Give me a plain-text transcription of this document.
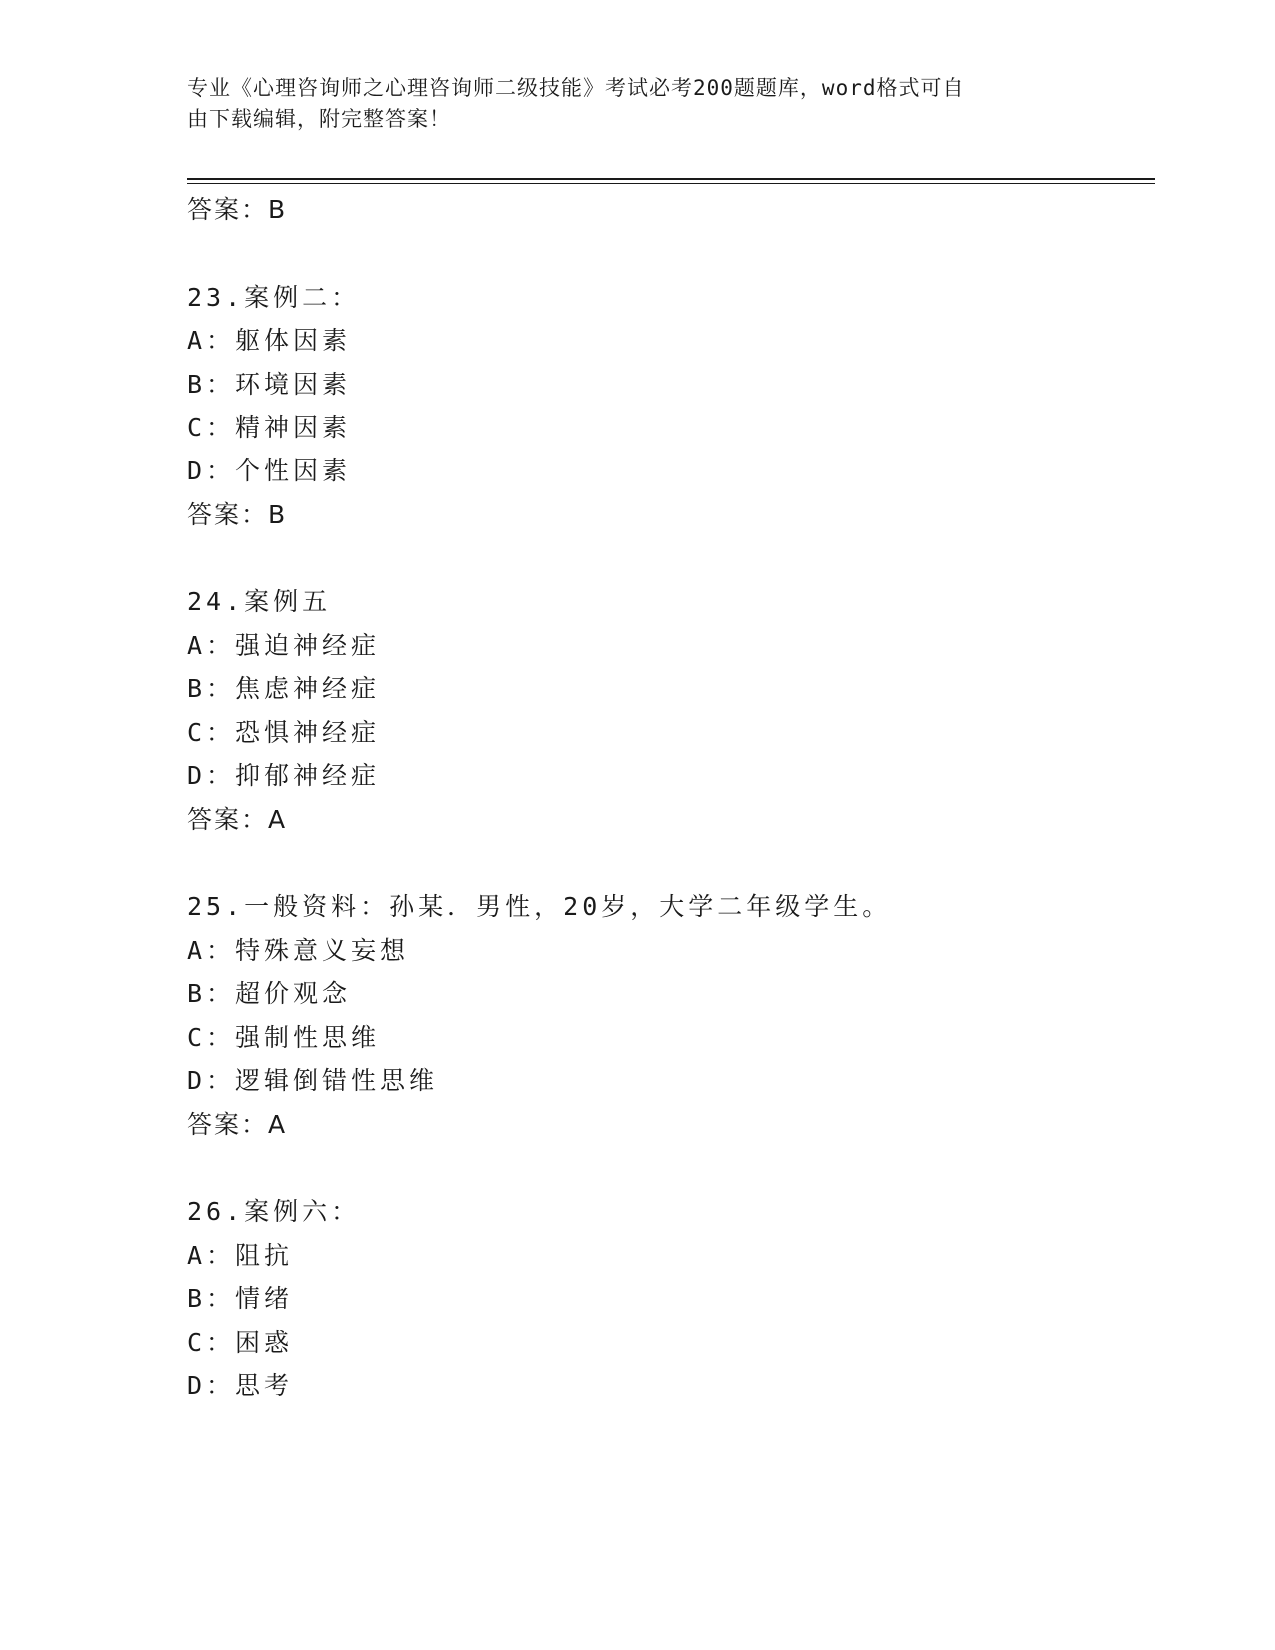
专业《心理咨询师之心理咨询师二级技能》考试必考200题题库，word格式可自
由下载编辑，附完整答案！
答案：B
23.案例二：
A：躯体因素
B：环境因素
C：精神因素
D：个性因素
答案：B
24.案例五
A：强迫神经症
B：焦虑神经症
C：恐惧神经症
D：抑郁神经症
答案：A
25.一般资料：孙某．男性，20岁，大学二年级学生。
A：特殊意义妄想
B：超价观念
C：强制性思维
D：逻辑倒错性思维
答案：A
26.案例六：
A：阻抗
B：情绪
C：困惑
D：思考
